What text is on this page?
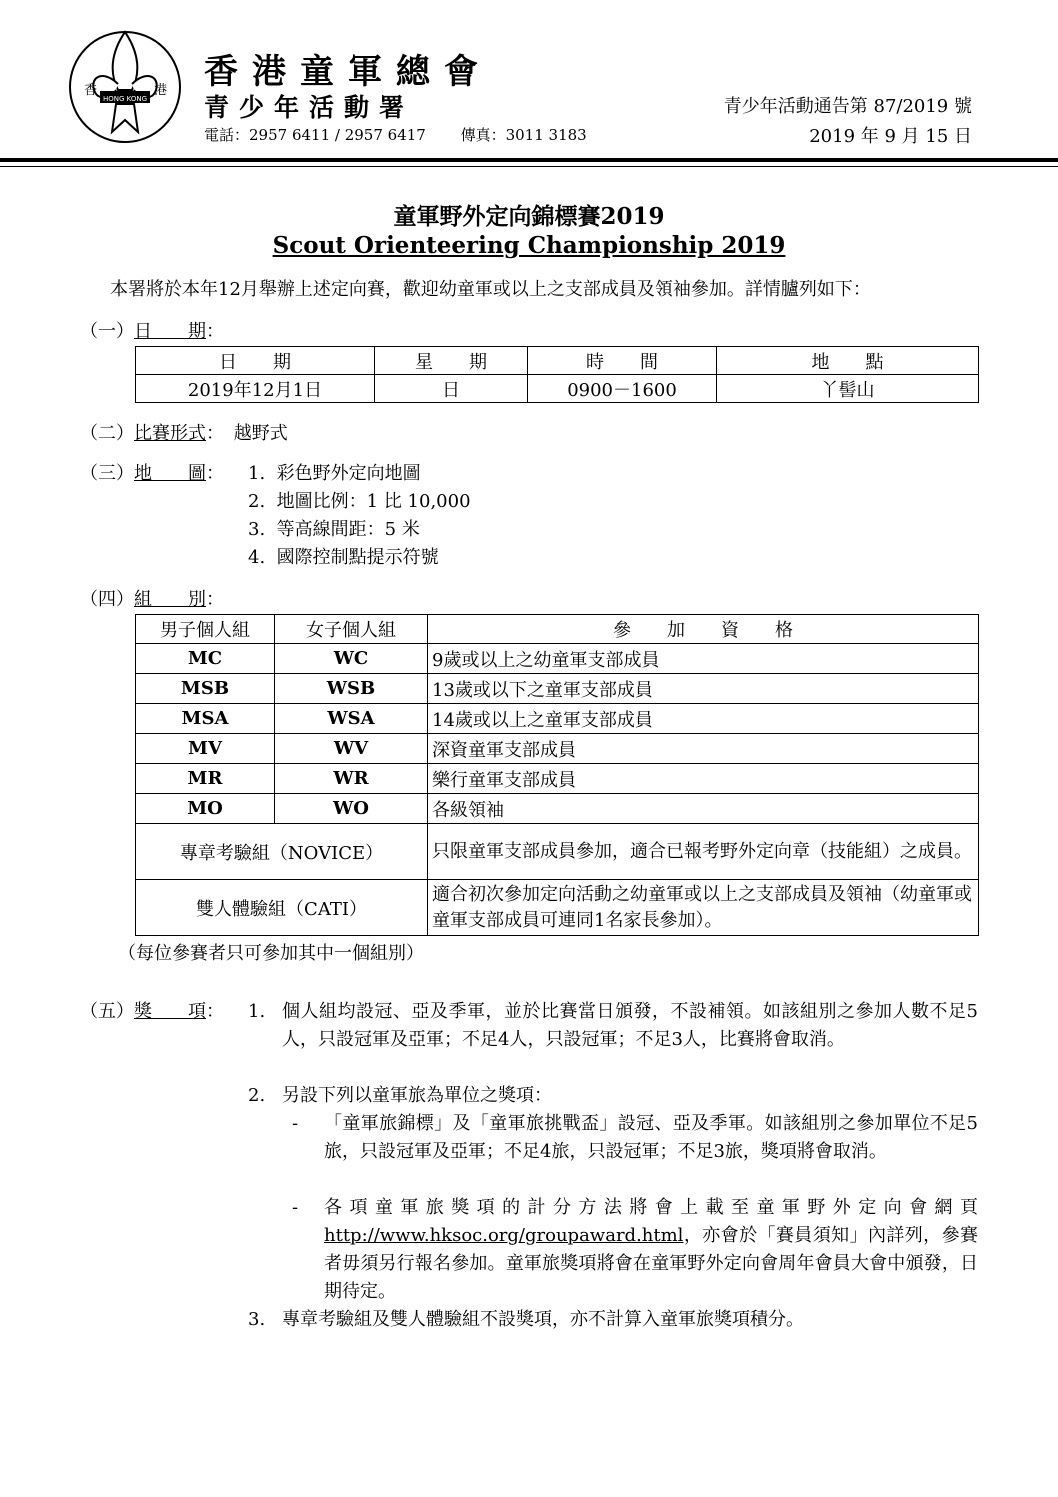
香	港
HONG KONG
香港童軍總會
青少年活動署
電話：2957 6411 / 2957 6417　　 傳真：3011 3183
青少年活動通告第 87/2019 號
2019 年 9 月 15 日
童軍野外定向錦標賽2019
Scout Orienteering Championship 2019
本署將於本年12月舉辦上述定向賽，歡迎幼童軍或以上之支部成員及領袖參加。詳情臚列如下：
（一）日　　期：
日　　期	星　　期	時　　間	地　　點
2019年12月1日	日	0900－1600	丫髻山
（二）比賽形式： 越野式
（三）地　　圖： 1. 彩色野外定向地圖
2. 地圖比例：1 比 10,000
3. 等高線間距：5 米
4. 國際控制點提示符號
（四）組　　別：
男子個人組	女子個人組	參　　加　　資　　格
MC	WC	9歲或以上之幼童軍支部成員
MSB	WSB	13歲或以下之童軍支部成員
MSA	WSA	14歲或以上之童軍支部成員
MV	WV	深資童軍支部成員
MR	WR	樂行童軍支部成員
MO	WO	各級領袖
專章考驗組（NOVICE）		只限童軍支部成員參加，適合已報考野外定向章（技能組）之成員。
雙人體驗組（CATI）		適合初次參加定向活動之幼童軍或以上之支部成員及領袖（幼童軍或童軍支部成員可連同1名家長參加）。
（每位參賽者只可參加其中一個組別）
（五）獎　　項： 1. 個人組均設冠、亞及季軍，並於比賽當日頒發，不設補領。如該組別之參加人數不足5人，只設冠軍及亞軍；不足4人，只設冠軍；不足3人，比賽將會取消。
2. 另設下列以童軍旅為單位之獎項：
- 「童軍旅錦標」及「童軍旅挑戰盃」設冠、亞及季軍。如該組別之參加單位不足5旅，只設冠軍及亞軍；不足4旅，只設冠軍；不足3旅，獎項將會取消。
- 各項童軍旅獎項的計分方法將會上載至童軍野外定向會網頁http://www.hksoc.org/groupaward.html，亦會於「賽員須知」內詳列，參賽者毋須另行報名參加。童軍旅獎項將會在童軍野外定向會周年會員大會中頒發，日期待定。
3. 專章考驗組及雙人體驗組不設獎項，亦不計算入童軍旅獎項積分。
